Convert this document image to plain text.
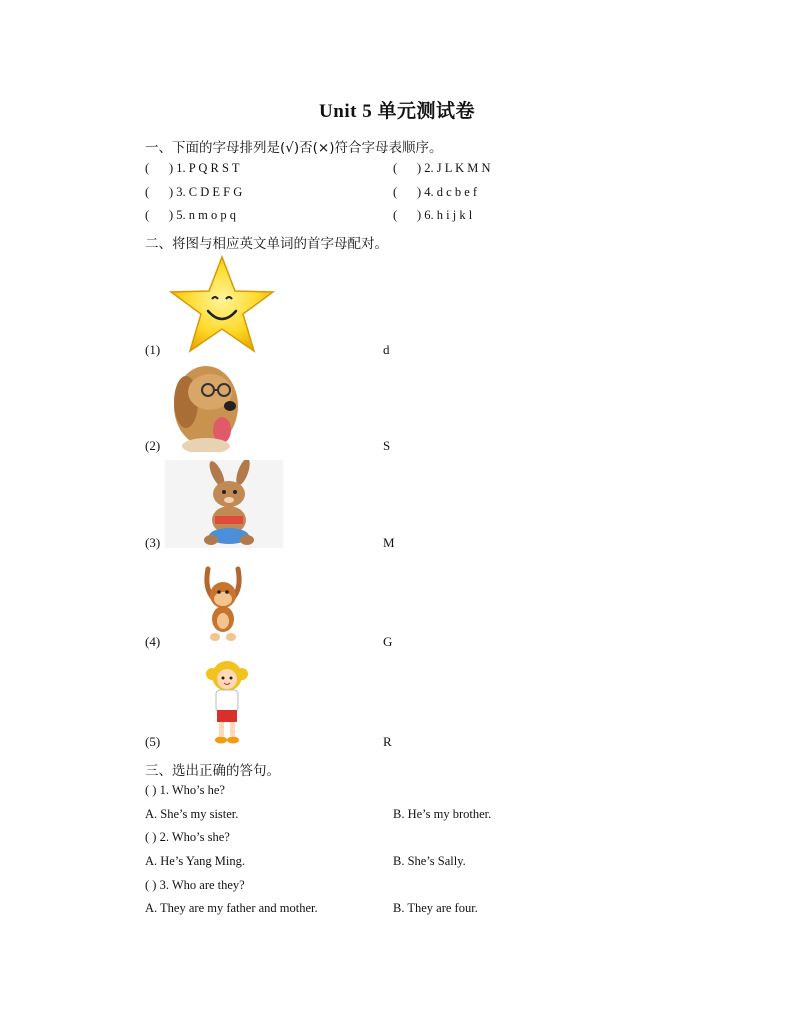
Unit 5 单元测试卷
一、下面的字母排列是(√)否(×)符合字母表顺序。
( ) 1. P Q R S T	( ) 2. J L K M N
( ) 3. C D E F G	( ) 4. d c b e f
( ) 5. n m o p q	( ) 6. h i j k l
二、将图与相应英文单词的首字母配对。
(1)	d
(2)	S
(3)	M
(4)	G
(5)	R
三、选出正确的答句。
( ) 1. Who’s he?
A. She’s my sister.	B. He’s my brother.
( ) 2. Who’s she?
A. He’s Yang Ming.	B. She’s Sally.
( ) 3. Who are they?
A. They are my father and mother.	B. They are four.
